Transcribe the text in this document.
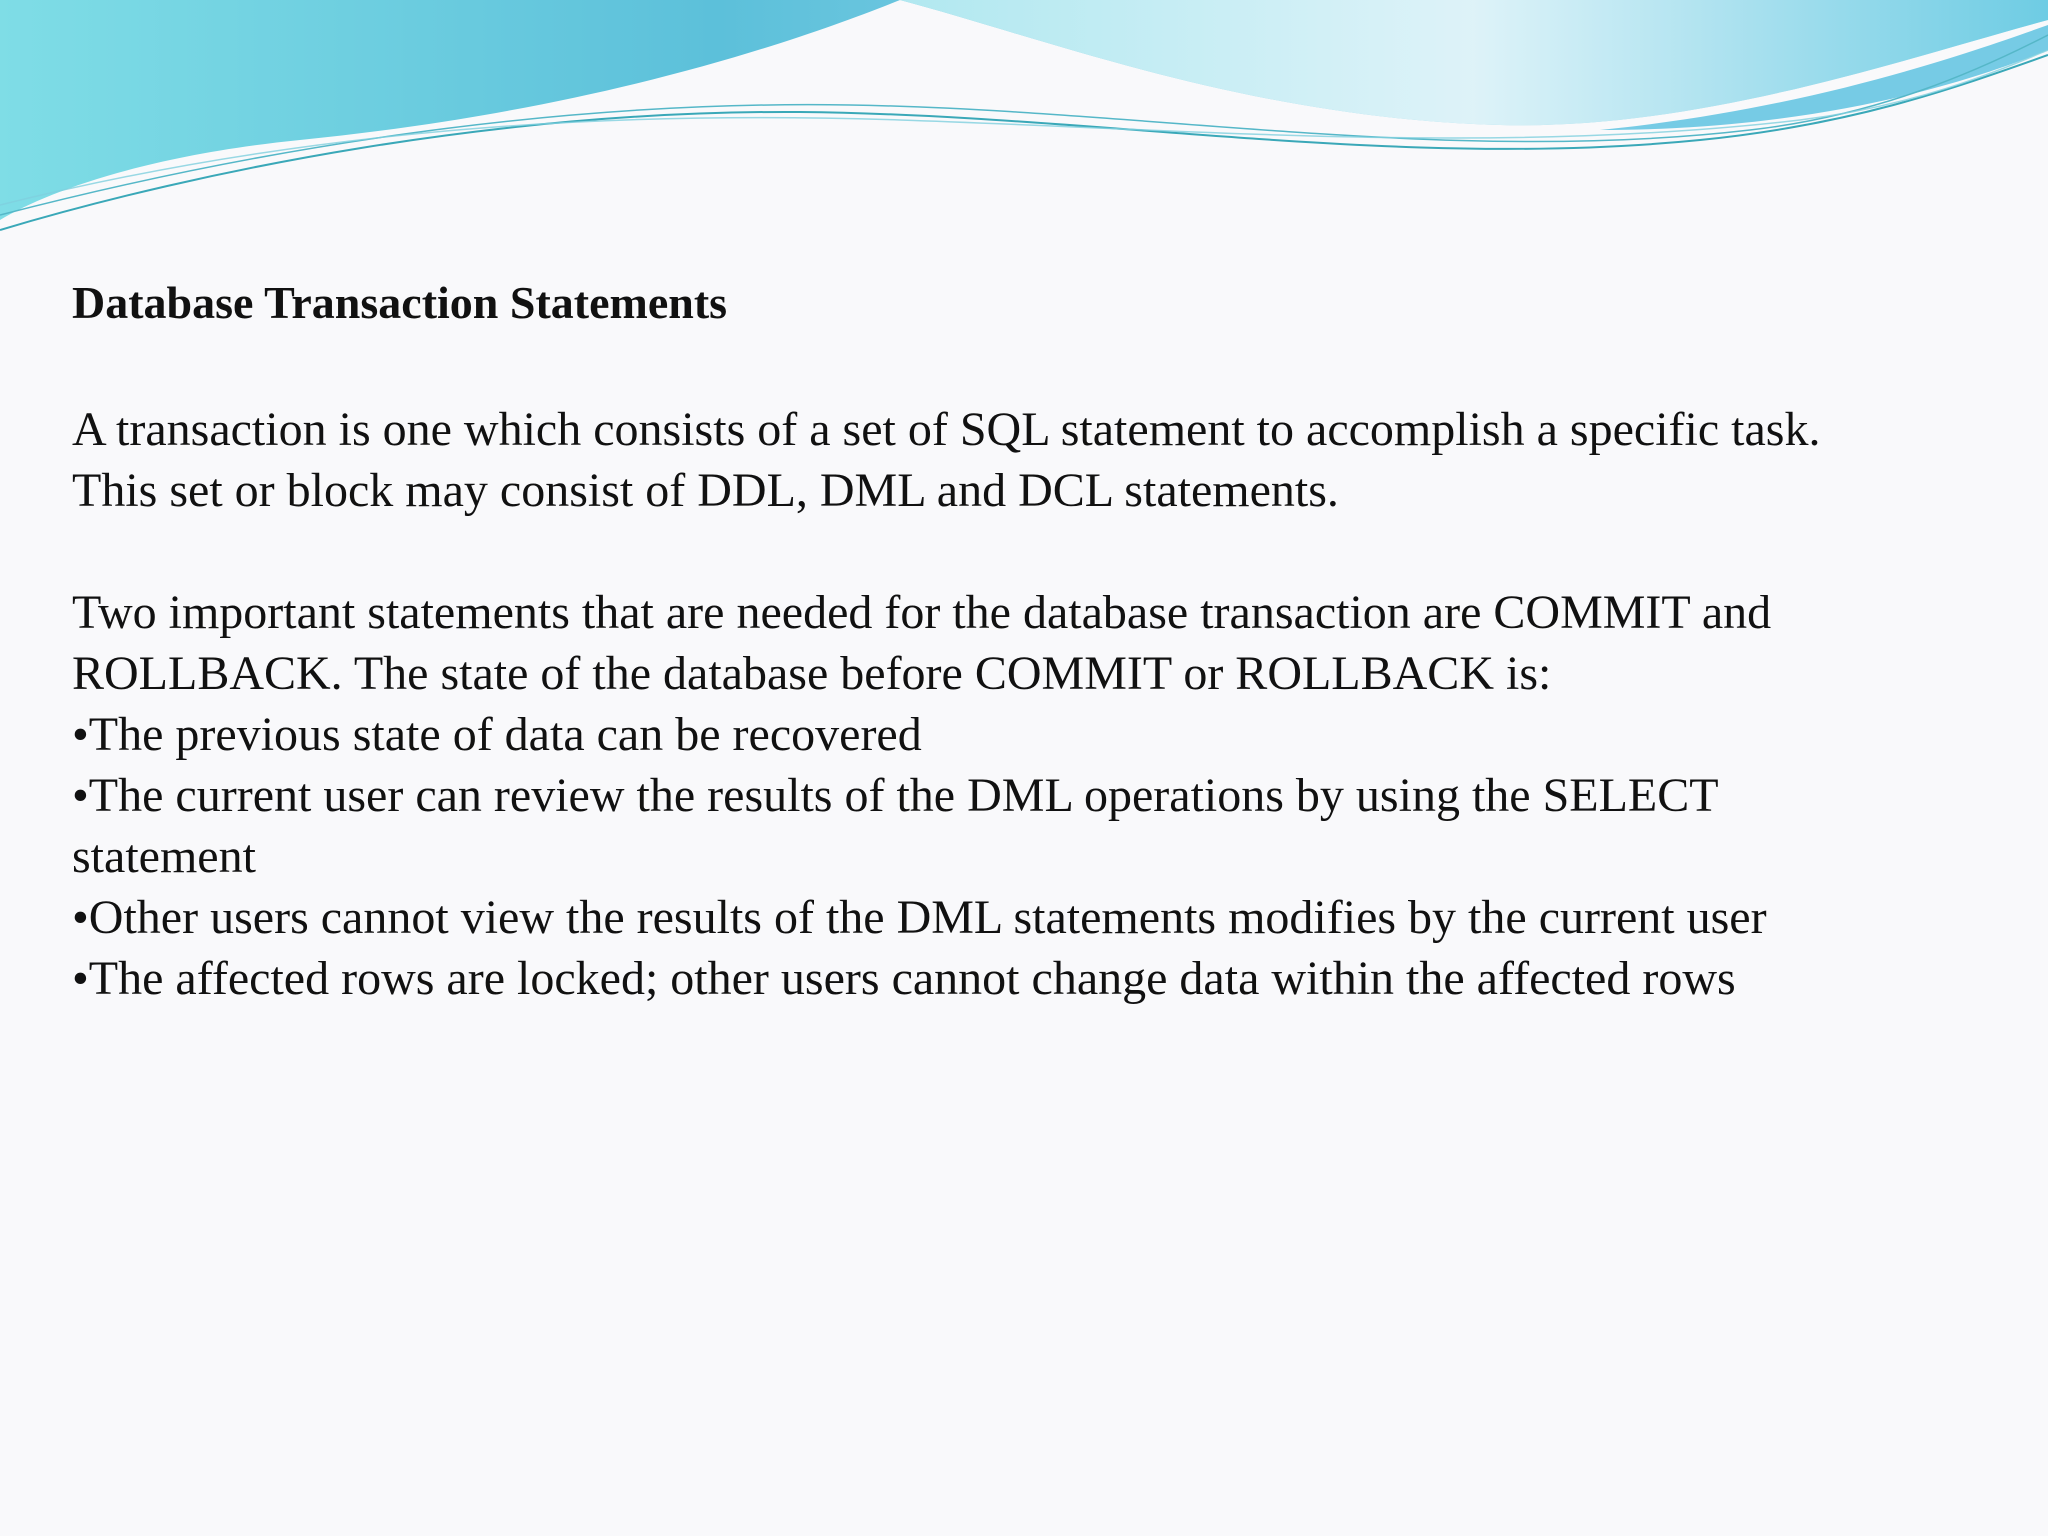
Database Transaction Statements

A transaction is one which consists of a set of SQL statement to accomplish a specific task.

This set or block may consist of DDL, DML and DCL statements.

Two important statements that are needed for the database transaction are COMMIT and

ROLLBACK. The state of the database before COMMIT or ROLLBACK is:

•The previous state of data can be recovered

•The current user can review the results of the DML operations by using the SELECT

statement

•Other users cannot view the results of the DML statements modifies by the current user

•The affected rows are locked; other users cannot change data within the affected rows
